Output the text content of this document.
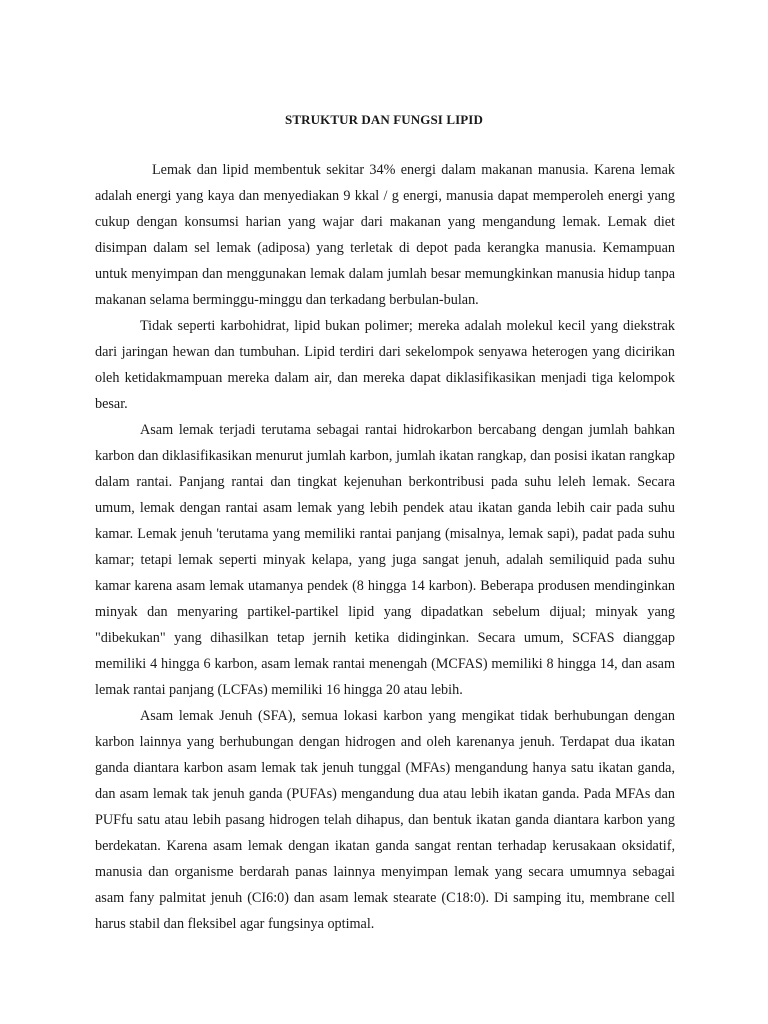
STRUKTUR DAN FUNGSI LIPID

Lemak dan lipid membentuk sekitar 34% energi dalam makanan manusia. Karena lemak adalah energi yang kaya dan menyediakan 9 kkal / g energi, manusia dapat memperoleh energi yang cukup dengan konsumsi harian yang wajar dari makanan yang mengandung lemak. Lemak diet disimpan dalam sel lemak (adiposa) yang terletak di depot pada kerangka manusia. Kemampuan untuk menyimpan dan menggunakan lemak dalam jumlah besar memungkinkan manusia hidup tanpa makanan selama berminggu-minggu dan terkadang berbulan-bulan.

Tidak seperti karbohidrat, lipid bukan polimer; mereka adalah molekul kecil yang diekstrak dari jaringan hewan dan tumbuhan. Lipid terdiri dari sekelompok senyawa heterogen yang dicirikan oleh ketidakmampuan mereka dalam air, dan mereka dapat diklasifikasikan menjadi tiga kelompok besar.

Asam lemak terjadi terutama sebagai rantai hidrokarbon bercabang dengan jumlah bahkan karbon dan diklasifikasikan menurut jumlah karbon, jumlah ikatan rangkap, dan posisi ikatan rangkap dalam rantai. Panjang rantai dan tingkat kejenuhan berkontribusi pada suhu leleh lemak. Secara umum, lemak dengan rantai asam lemak yang lebih pendek atau ikatan ganda lebih cair pada suhu kamar. Lemak jenuh 'terutama yang memiliki rantai panjang (misalnya, lemak sapi), padat pada suhu kamar; tetapi lemak seperti minyak kelapa, yang juga sangat jenuh, adalah semiliquid pada suhu kamar karena asam lemak utamanya pendek (8 hingga 14 karbon). Beberapa produsen mendinginkan minyak dan menyaring partikel-partikel lipid yang dipadatkan sebelum dijual; minyak yang "dibekukan" yang dihasilkan tetap jernih ketika didinginkan. Secara umum, SCFAS dianggap memiliki 4 hingga 6 karbon, asam lemak rantai menengah (MCFAS) memiliki 8 hingga 14, dan asam lemak rantai panjang (LCFAs) memiliki 16 hingga 20 atau lebih.

Asam lemak Jenuh (SFA), semua lokasi karbon yang mengikat tidak berhubungan dengan karbon lainnya yang berhubungan dengan hidrogen and oleh karenanya jenuh. Terdapat dua ikatan ganda diantara karbon asam lemak tak jenuh tunggal (MFAs) mengandung hanya satu ikatan ganda, dan asam lemak tak jenuh ganda (PUFAs) mengandung dua atau lebih ikatan ganda. Pada MFAs dan PUFfu satu atau lebih pasang hidrogen telah dihapus, dan bentuk ikatan ganda diantara karbon yang berdekatan. Karena asam lemak dengan ikatan ganda sangat rentan terhadap kerusakaan oksidatif, manusia dan organisme berdarah panas lainnya menyimpan lemak yang secara umumnya sebagai asam fany palmitat jenuh (CI6:0) dan asam lemak stearate (C18:0). Di samping itu, membrane cell harus stabil dan fleksibel agar fungsinya optimal.
